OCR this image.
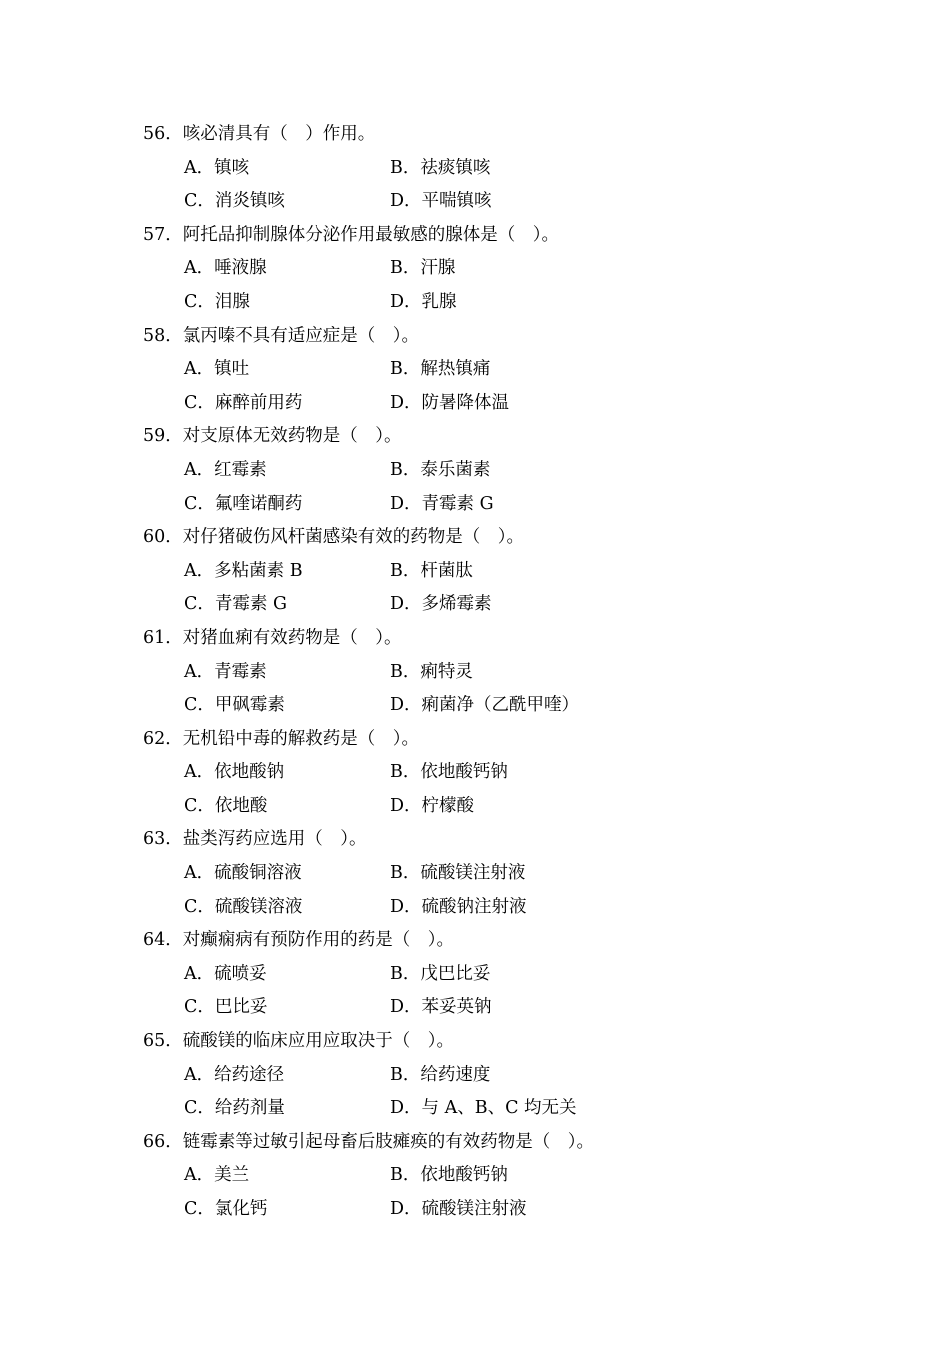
56．咳必清具有（　）作用。
A．镇咳	B．祛痰镇咳
C．消炎镇咳	D．平喘镇咳
57．阿托品抑制腺体分泌作用最敏感的腺体是（　）。
A．唾液腺	B．汗腺
C．泪腺	D．乳腺
58．氯丙嗪不具有适应症是（　）。
A．镇吐	B．解热镇痛
C．麻醉前用药	D．防暑降体温
59．对支原体无效药物是（　）。
A．红霉素	B．泰乐菌素
C．氟喹诺酮药	D．青霉素 G
60．对仔猪破伤风杆菌感染有效的药物是（　）。
A．多粘菌素 B	B．杆菌肽
C．青霉素 G	D．多烯霉素
61．对猪血痢有效药物是（　）。
A．青霉素	B．痢特灵
C．甲砜霉素	D．痢菌净（乙酰甲喹）
62．无机铅中毒的解救药是（　）。
A．依地酸钠	B．依地酸钙钠
C．依地酸	D．柠檬酸
63．盐类泻药应选用（　）。
A．硫酸铜溶液	B．硫酸镁注射液
C．硫酸镁溶液	D．硫酸钠注射液
64．对癫痫病有预防作用的药是（　）。
A．硫喷妥	B．戊巴比妥
C．巴比妥	D．苯妥英钠
65．硫酸镁的临床应用应取决于（　）。
A．给药途径	B．给药速度
C．给药剂量	D．与 A、B、C 均无关
66．链霉素等过敏引起母畜后肢瘫痪的有效药物是（　）。
A．美兰	B．依地酸钙钠
C．氯化钙	D．硫酸镁注射液
